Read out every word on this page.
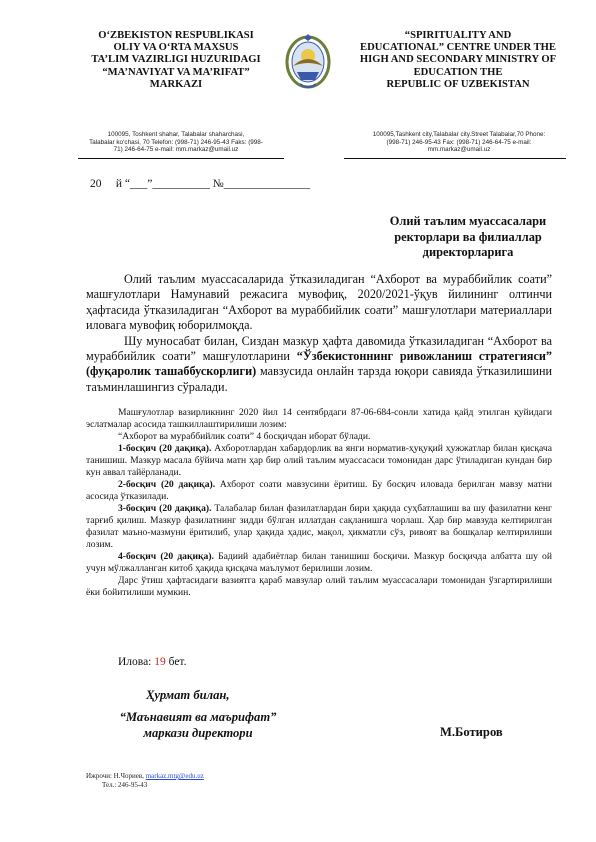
O‘ZBEKISTON RESPUBLIKASI
OLIY VA O‘RTA MAXSUS
TA’LIM VAZIRLIGI HUZURIDAGI
“MA’NAVIYAT VA MA’RIFAT”
MARKAZI
“SPIRITUALITY AND
EDUCATIONAL” CENTRE UNDER THE
HIGH AND SECONDARY MINISTRY OF
EDUCATION THE
REPUBLIC OF UZBEKISTAN
100095, Toshkent shahar, Talabalar shaharchasi,
Talabalar ko‘chasi, 70 Telefon: (998-71) 246-95-43 Faks: (998-
71) 246-64-75 e-mail: mm.markaz@umail.uz
100095,Tashkent city,Talabalar city.Street Talabalar,70 Phone:
(998-71) 246-95-43 Fax: (998-71) 246-64-75 e-mail:
mm.markaz@umail.uz
20     й “___”__________ №_______________
Олий таълим муассасалари
ректорлари ва филиаллар
директорларига

Олий таълим муассасаларида ўтказиладиган “Ахборот ва мураббийлик соати” машғулотлари Намунавий режасига мувофиқ, 2020/2021-ўқув йилининг олтинчи ҳафтасида ўтказиладиган “Ахборот ва мураббийлик соати” машғулотлари материаллари иловага мувофиқ юборилмоқда.

Шу муносабат билан, Сиздан мазкур ҳафта давомида ўтказиладиган “Ахборот ва мураббийлик соати” машғулотларини “Ўзбекистоннинг ривожланиш стратегияси” (фуқаролик ташаббускорлиги) мавзусида онлайн тарзда юқори савияда ўтказилишини таъминлашингиз сўралади.

Машғулотлар вазирликнинг 2020 йил 14 сентябрдаги 87-06-684-сонли хатида қайд этилган қуйидаги эслатмалар асосида ташкиллаштирилиши лозим:

“Ахборот ва мураббийлик соати” 4 босқичдан иборат бўлади.

1-босқич (20 дақиқа). Ахборотлардан хабардорлик ва янги норматив-ҳуқуқий ҳужжатлар билан қисқача танишиш. Мазкур масала бўйича матн ҳар бир олий таълим муассасаси томонидан дарс ўтиладиган кундан бир кун аввал тайёрланади.

2-босқич (20 дақиқа). Ахборот соати мавзусини ёритиш. Бу босқич иловада берилган мавзу матни асосида ўтказилади.

3-босқич (20 дақиқа). Талабалар билан фазилатлардан бири ҳақида суҳбатлашиш ва шу фазилатни кенг тарғиб қилиш. Мазкур фазилатнинг зидди бўлган иллатдан сақланишга чорлаш. Ҳар бир мавзуда келтирилган фазилат маъно-мазмуни ёритилиб, улар ҳақида ҳадис, мақол, ҳикматли сўз, ривоят ва бошқалар келтирилиши лозим.

4-босқич (20 дақиқа). Бадиий адабиётлар билан танишиш босқичи. Мазкур босқичда албатта шу ой учун мўлжалланган китоб ҳақида қисқача маълумот берилиши лозим.

Дарс ўтиш ҳафтасидаги вазиятга қараб мавзулар олий таълим муассасалари томонидан ўзгартирилиши ёки бойитилиши мумкин.

Илова: 19 бет.
Ҳурмат билан,
“Маънавият ва маърифат”
маркази директори	М.Ботиров
Ижрочи: Н.Чориев, markaz.mtg@edu.uz
Тел.: 246-95-43
